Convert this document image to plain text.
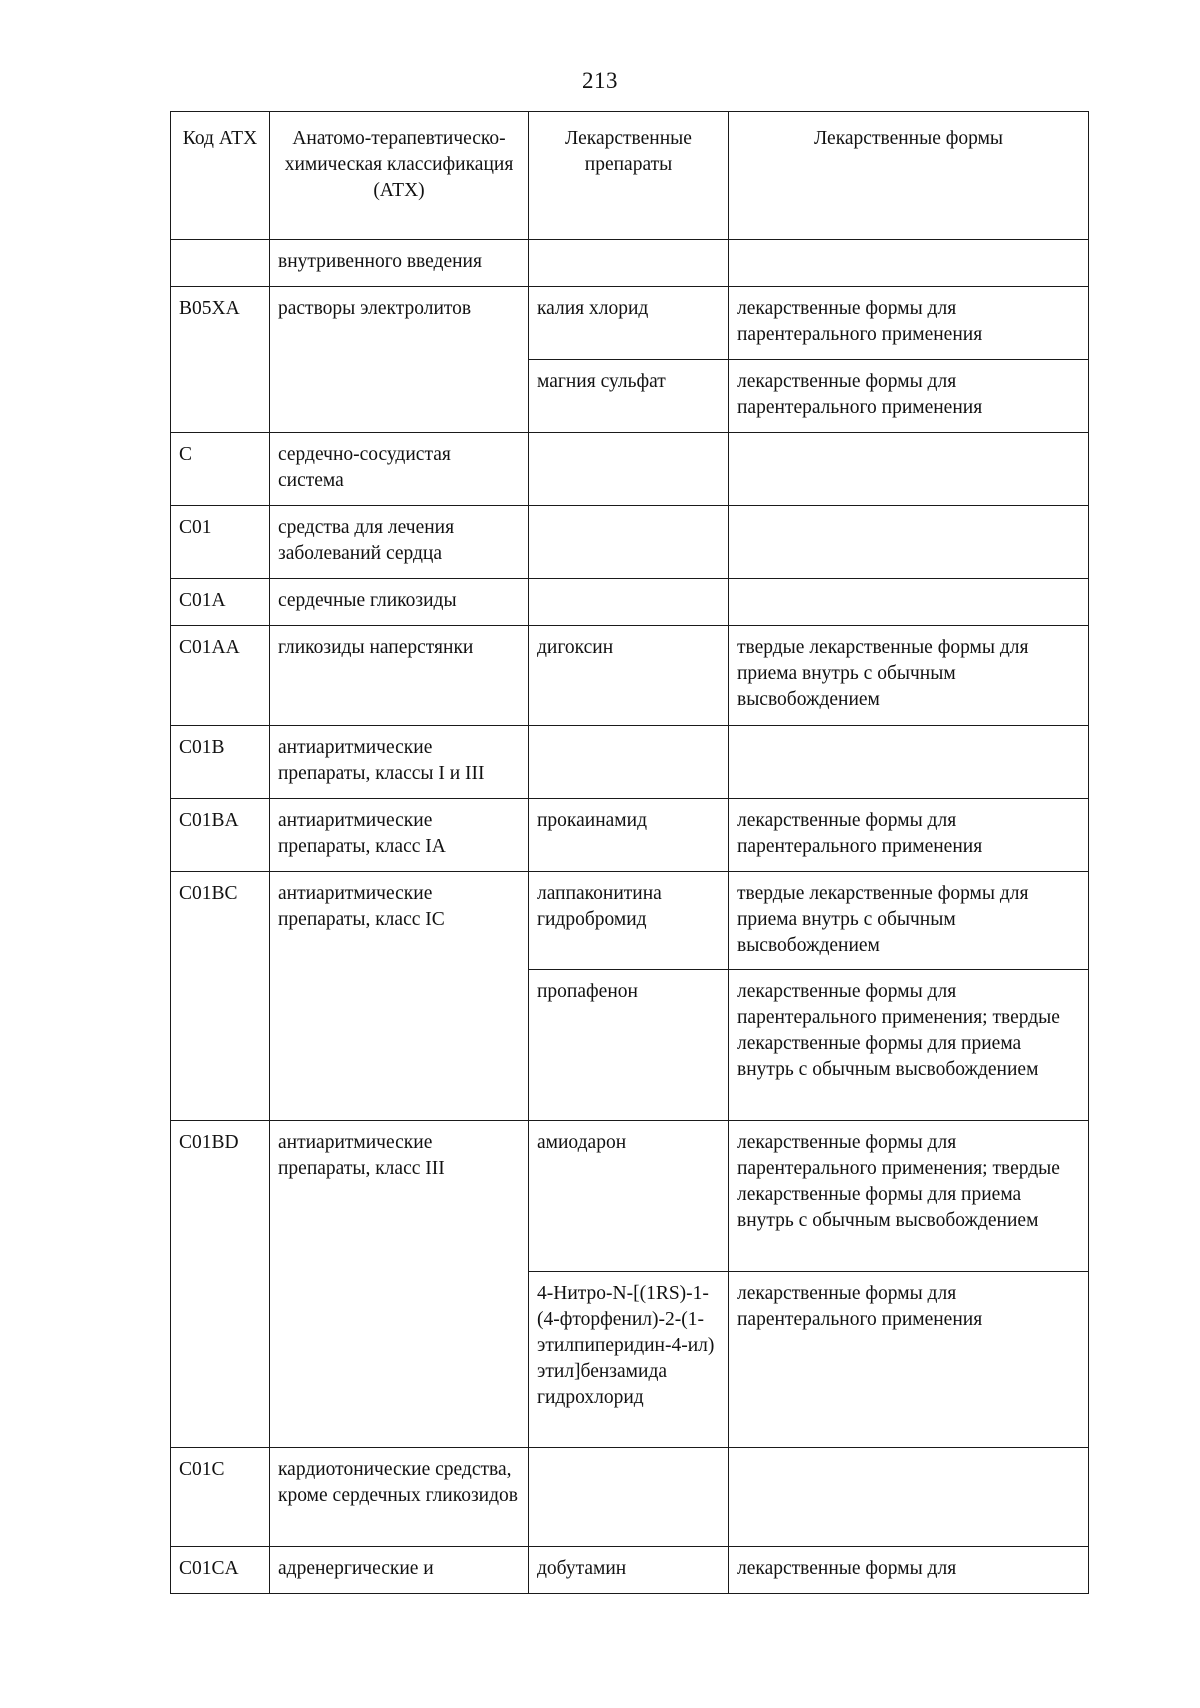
213
Код АТХ	Анатомо-терапевтическо-химическая классификация (АТХ)	Лекарственные препараты	Лекарственные формы
	внутривенного введения		
B05XA	растворы электролитов	калия хлорид	лекарственные формы для парентерального применения
		магния сульфат	лекарственные формы для парентерального применения
C	сердечно-сосудистая система		
C01	средства для лечения заболеваний сердца		
C01A	сердечные гликозиды		
C01AA	гликозиды наперстянки	дигоксин	твердые лекарственные формы для приема внутрь с обычным высвобождением
C01B	антиаритмические препараты, классы I и III		
C01BA	антиаритмические препараты, класс IA	прокаинамид	лекарственные формы для парентерального применения
C01BC	антиаритмические препараты, класс IC	лаппаконитина гидробромид	твердые лекарственные формы для приема внутрь с обычным высвобождением
		пропафенон	лекарственные формы для парентерального применения; твердые лекарственные формы для приема внутрь с обычным высвобождением
C01BD	антиаритмические препараты, класс III	амиодарон	лекарственные формы для парентерального применения; твердые лекарственные формы для приема внутрь с обычным высвобождением
		4-Нитро-N-[(1RS)-1-(4-фторфенил)-2-(1-этилпиперидин-4-ил) этил]бензамида гидрохлорид	лекарственные формы для парентерального применения
C01C	кардиотонические средства, кроме сердечных гликозидов		
C01CA	адренергические и	добутамин	лекарственные формы для
